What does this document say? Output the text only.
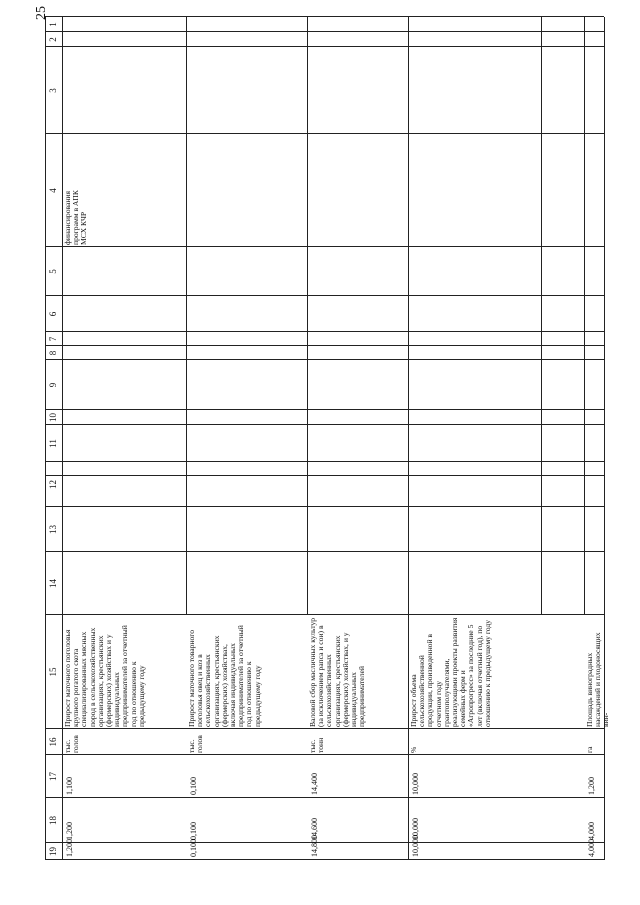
25
19
18
17
16
15
14
13
12
11
10
9
8
7
6
5
4
3
2
1
финансирования программ в АПК МСХ КЧР
Прирост маточного поголовья крупного рогатого скота специализированных мясных пород в сельскохозяйственных организациях, крестьянских (фермерских) хозяйствах и у индивидуальных предпринимателей за отчетный год по отношению к предыдущему году
тыс. голов
1,100
1,200
1,200
Прирост маточного товарного поголовья овец и коз в сельскохозяйственных организациях, крестьянских (фермерских) хозяйствах, включая индивидуальных предпринимателей за отчетный год по отношению к предыдущему году
тыс. голов
0,100
0,100
0,100
Валовой сбор масличных культур (за исключением рапса и сои) в сельскохозяйственных организациях, крестьянских (фермерских) хозяйствах, и у индивидуальных предпринимателей
тыс. тонн
14,400
14,600
14,800
Прирост объема сельскохозяйственной продукции, произведенной в отчетном году грантополучателями, реализующими проекты развития семейных ферм и «Агропрогресс» за последние 5 лет (включая отчетный год), по отношению к предыдущему году
%
10,000
10,000
10,000
Площадь виноградных насаждений и плодоносящих вин-
га
1,200
4,000
4,000
